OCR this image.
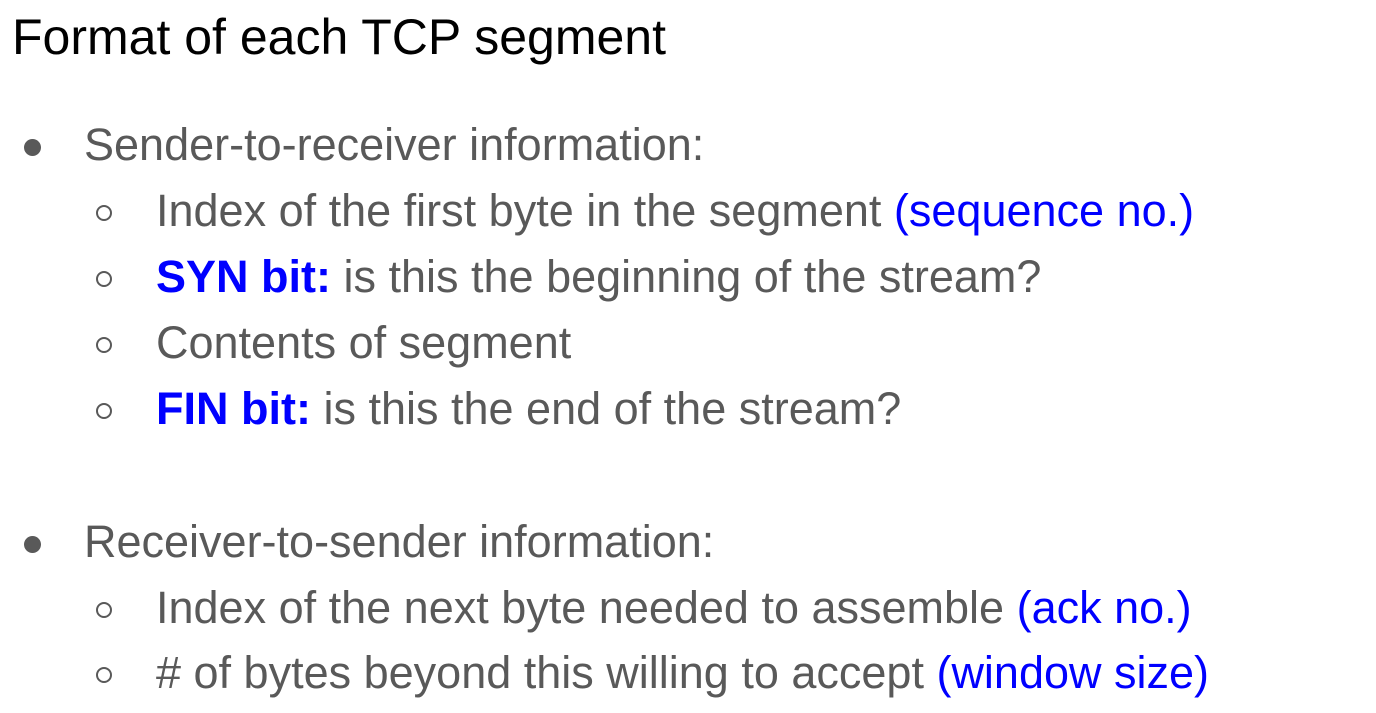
Format of each TCP segment
Sender-to-receiver information:
Index of the first byte in the segment (sequence no.)
SYN bit: is this the beginning of the stream?
Contents of segment
FIN bit: is this the end of the stream?
Receiver-to-sender information:
Index of the next byte needed to assemble (ack no.)
# of bytes beyond this willing to accept (window size)
